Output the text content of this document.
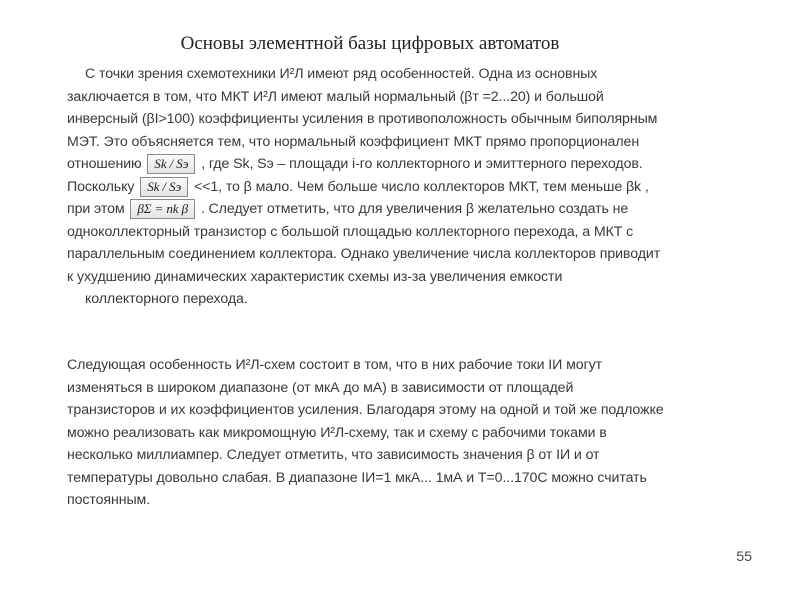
Основы элементной базы цифровых автоматов
С точки зрения схемотехники И²Л имеют ряд особенностей. Одна из основных
заключается в том, что МКТ И²Л имеют малый нормальный (βт =2...20) и большой
инверсный (βI>100) коэффициенты усиления в противоположность обычным биполярным
МЭТ. Это объясняется тем, что нормальный коэффициент МКТ прямо пропорционален
отношению Sk / Sэ , где Sk, Sэ – площади i-го коллекторного и эмиттерного переходов.
Поскольку Sk / Sэ <<1, то β мало. Чем больше число коллекторов МКТ, тем меньше βk ,
при этом βΣ = nk β . Следует отметить, что для увеличения β желательно создать не
одноколлекторный транзистор с большой площадью коллекторного перехода, а МКТ с
параллельным соединением коллектора. Однако увеличение числа коллекторов приводит
к ухудшению динамических характеристик схемы из-за увеличения емкости
коллекторного перехода.
Следующая особенность И²Л-схем состоит в том, что в них рабочие токи IИ могут
изменяться в широком диапазоне (от мкА до мА) в зависимости от площадей
транзисторов и их коэффициентов усиления. Благодаря этому на одной и той же подложке
можно реализовать как микромощную И²Л-схему, так и схему с рабочими токами в
несколько миллиампер. Следует отметить, что зависимость значения β от IИ и от
температуры довольно слабая. В диапазоне IИ=1 мкА... 1мА и T=0...170C можно считать
постоянным.
55
